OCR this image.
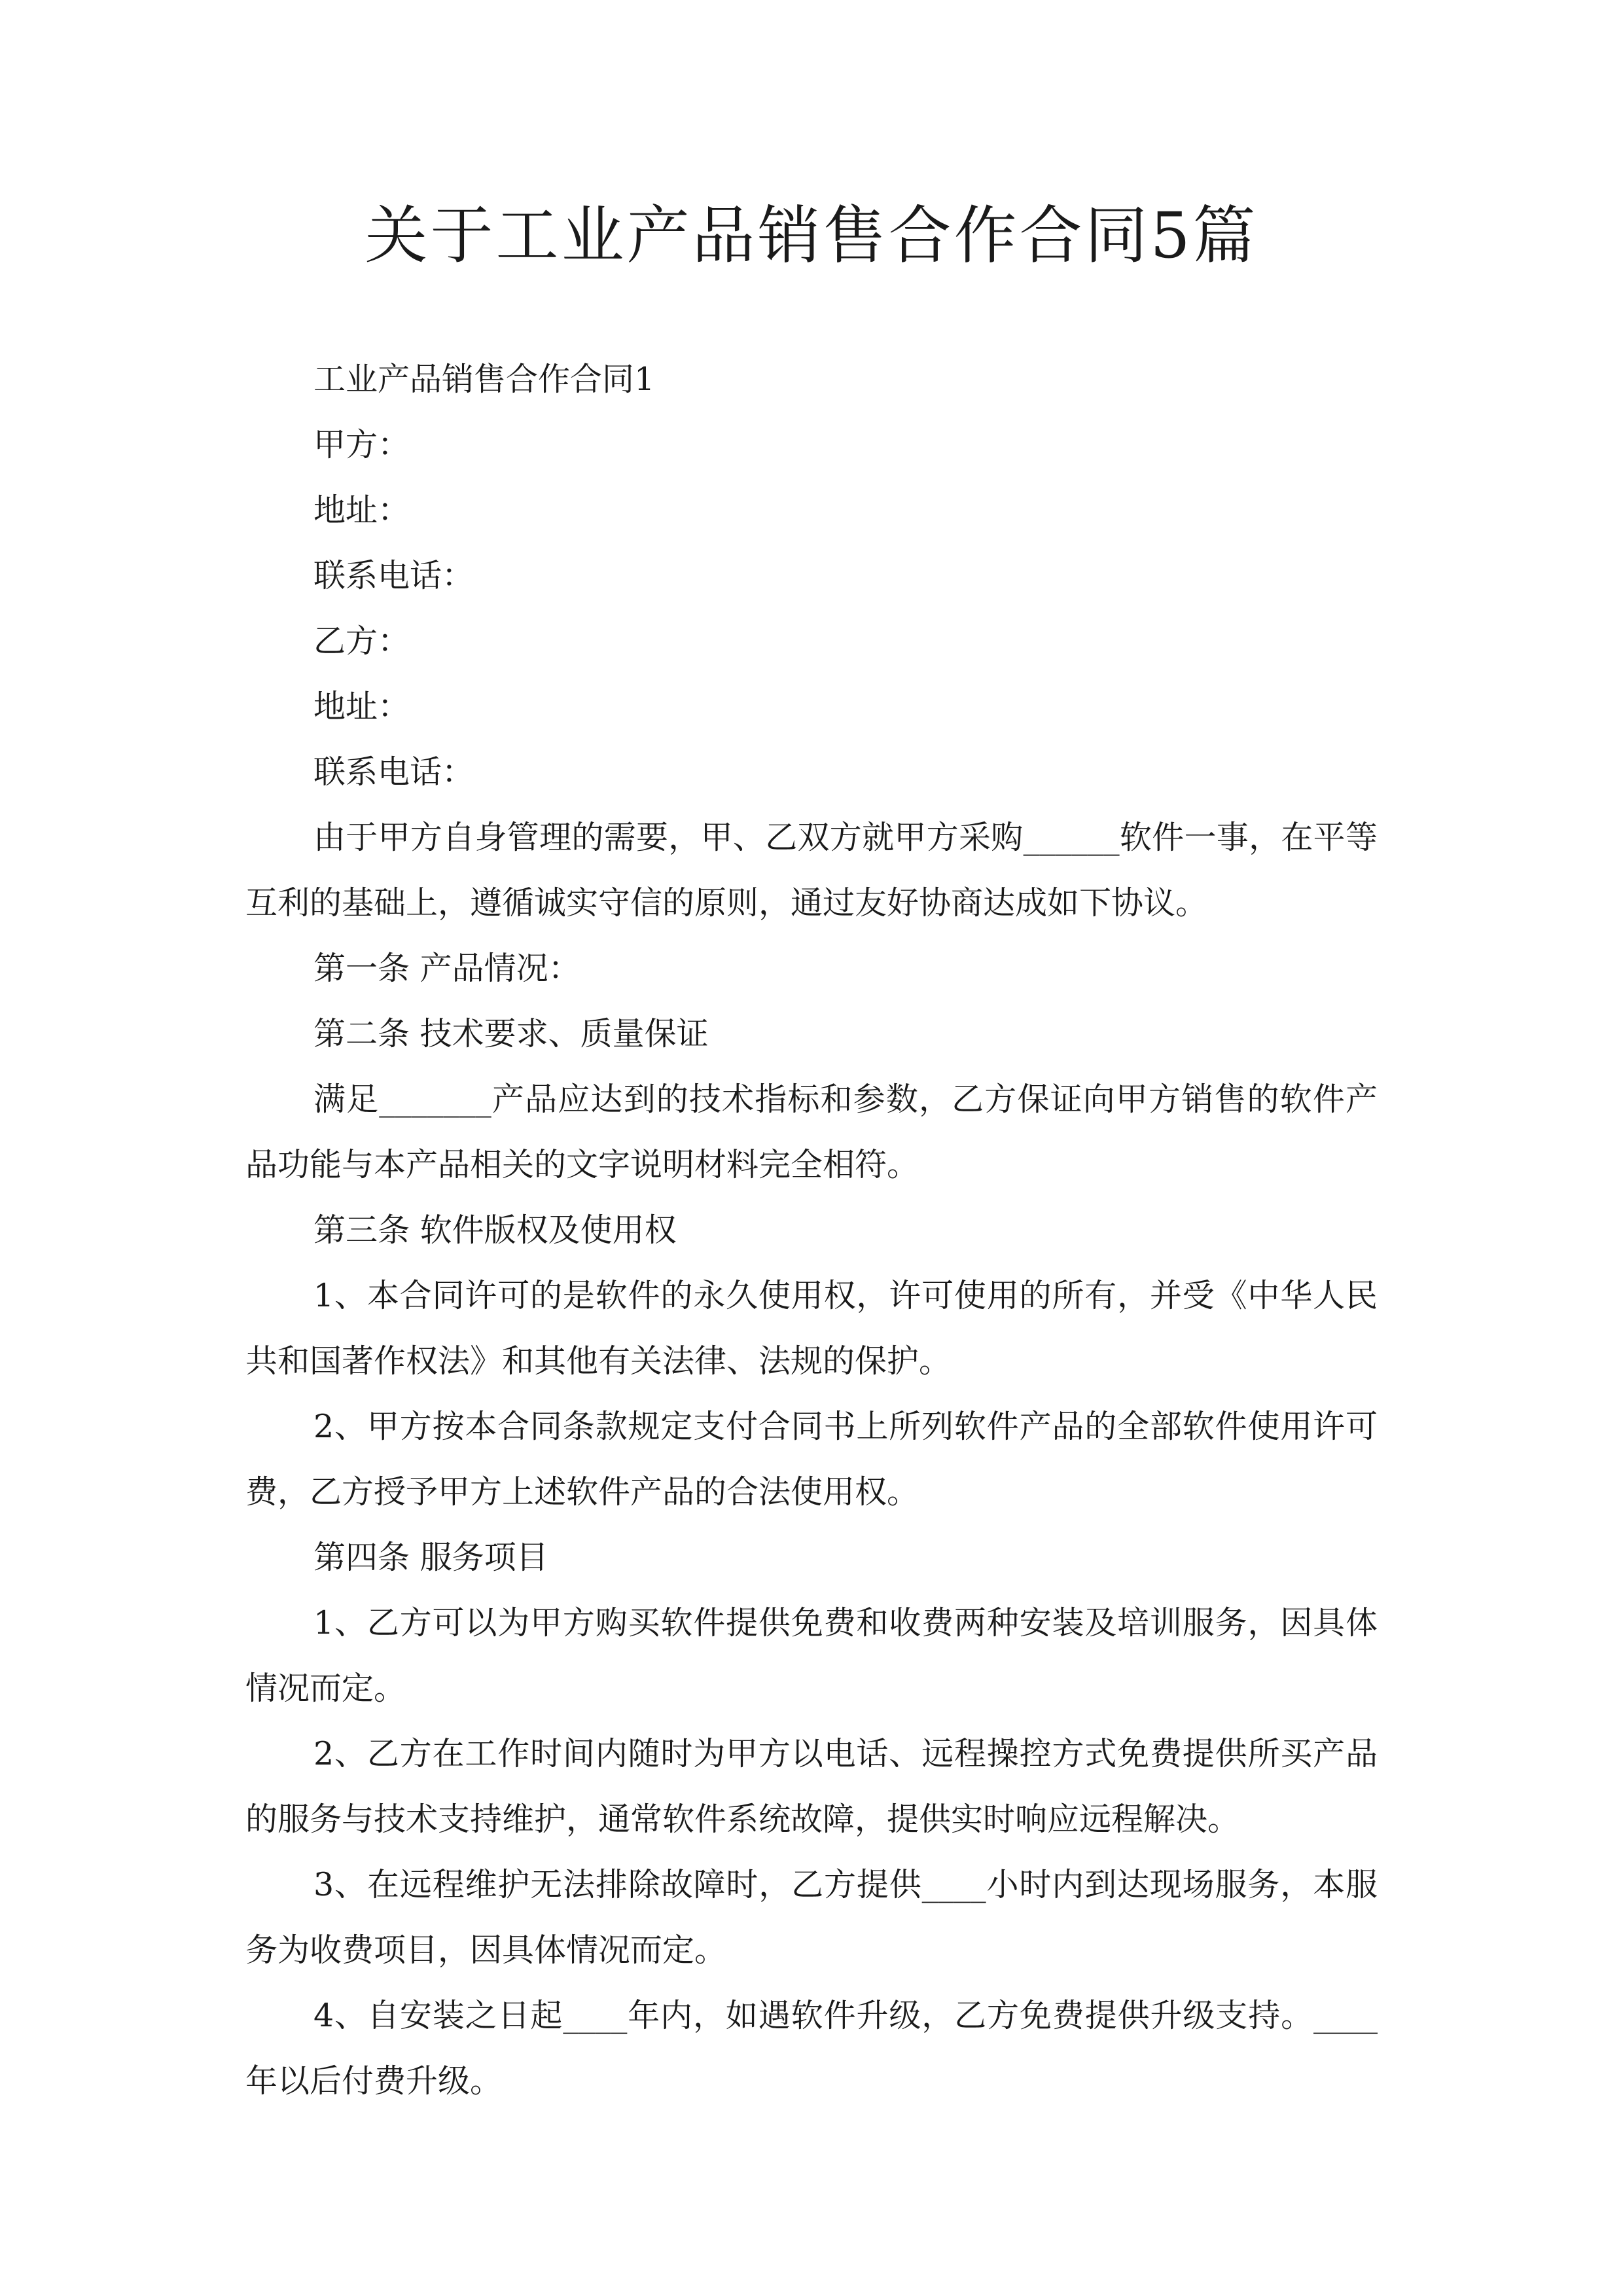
关于工业产品销售合作合同5篇

工业产品销售合作合同1

甲方：

地址：

联系电话：

乙方：

地址：

联系电话：

由于甲方自身管理的需要，甲、乙双方就甲方采购______软件一事，在平等互利的基础上，遵循诚实守信的原则，通过友好协商达成如下协议。

第一条 产品情况：

第二条 技术要求、质量保证

满足_______产品应达到的技术指标和参数，乙方保证向甲方销售的软件产品功能与本产品相关的文字说明材料完全相符。

第三条 软件版权及使用权

1、本合同许可的是软件的永久使用权，许可使用的所有，并受《中华人民共和国著作权法》和其他有关法律、法规的保护。

2、甲方按本合同条款规定支付合同书上所列软件产品的全部软件使用许可费，乙方授予甲方上述软件产品的合法使用权。

第四条 服务项目

1、乙方可以为甲方购买软件提供免费和收费两种安装及培训服务，因具体情况而定。

2、乙方在工作时间内随时为甲方以电话、远程操控方式免费提供所买产品的服务与技术支持维护，通常软件系统故障，提供实时响应远程解决。

3、在远程维护无法排除故障时，乙方提供____小时内到达现场服务，本服务为收费项目，因具体情况而定。

4、自安装之日起____年内，如遇软件升级，乙方免费提供升级支持。____年以后付费升级。
